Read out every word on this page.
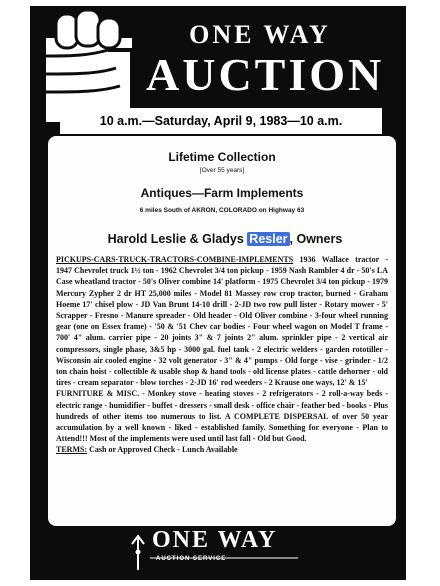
ONE WAY
AUCTION
10 a.m.—Saturday, April 9, 1983—10 a.m.
Lifetime Collection
[Over 55 years]
Antiques—Farm Implements
6 miles South of AKRON, COLORADO on Highway 63
Harold Leslie & Gladys Resler , Owners

PICKUPS-CARS-TRUCK-TRACTORS-COMBINE-IMPLEMENTS 1936 Wallace tractor - 1947 Chevrolet truck 1½ ton - 1962 Chevrolet 3/4 ton pickup - 1959 Nash Rambler 4 dr - 50's LA Case wheatland tractor - 50's Oliver combine 14' platform - 1975 Chevrolet 3/4 ton pickup - 1979 Mercury Zypher 2 dr HT 25,000 miles - Model 81 Massey row crop tractor, burned - Graham Hoeme 17' chisel plow - JD Van Brunt 14-10 drill - 2-JD two row pull lister - Rotary mower - 5' Scrapper - Fresno - Manure spreader - Old header - Old Oliver combine - 3-four wheel running gear (one on Essex frame) - '50 & '51 Chev car bodies - Four wheel wagon on Model T frame - 700' 4" alum. carrier pipe - 20 joints 3" & 7 joints 2" alum. sprinkler pipe - 2 vertical air compressors, single phase, 3&5 hp - 3000 gal. fuel tank - 2 electric welders - garden rototiller - Wisconsin air cooled engine - 32 volt generator - 3" & 4" pumps - Old forge - vise - grinder - 1/2 ton chain hoist - collectible & usable shop & hand tools - old license plates - cattle dehorner - old tires - cream separator - blow torches - 2-JD 16' rod weeders - 2 Krause one ways, 12' & 15'

FURNITURE & MISC. - Monkey stove - heating stoves - 2 refrigerators - 2 roll-a-way beds - electric range - humidifier - buffet - dressers - small desk - office chair - feather bed - books - Plus hundreds of other items too numerous to list. A COMPLETE DISPERSAL of over 50 year accumulation by a well known - liked - established family. Something for everyone - Plan to Attend!!! Most of the implements were used until last fall - Old but Good.

TERMS: Cash or Approved Check - Lunch Available

ONE WAY
AUCTION SERVICE
